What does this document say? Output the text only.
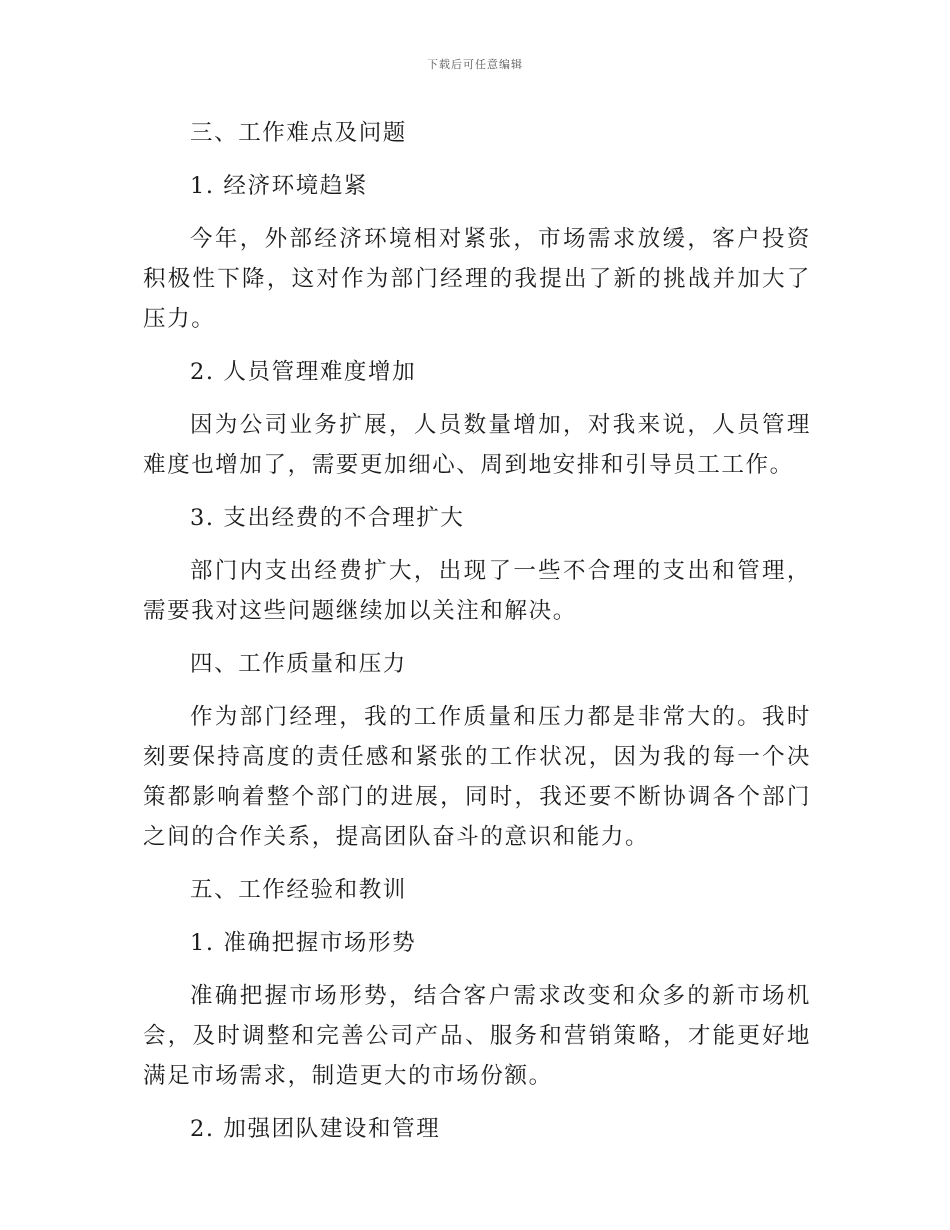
下载后可任意编辑

三、工作难点及问题

1. 经济环境趋紧

今年，外部经济环境相对紧张，市场需求放缓，客户投资积极性下降，这对作为部门经理的我提出了新的挑战并加大了压力。

2. 人员管理难度增加

因为公司业务扩展，人员数量增加，对我来说，人员管理难度也增加了，需要更加细心、周到地安排和引导员工工作。

3. 支出经费的不合理扩大

部门内支出经费扩大，出现了一些不合理的支出和管理，需要我对这些问题继续加以关注和解决。

四、工作质量和压力

作为部门经理，我的工作质量和压力都是非常大的。我时刻要保持高度的责任感和紧张的工作状况，因为我的每一个决策都影响着整个部门的进展，同时，我还要不断协调各个部门之间的合作关系，提高团队奋斗的意识和能力。

五、工作经验和教训

1. 准确把握市场形势

准确把握市场形势，结合客户需求改变和众多的新市场机会，及时调整和完善公司产品、服务和营销策略，才能更好地满足市场需求，制造更大的市场份额。

2. 加强团队建设和管理
